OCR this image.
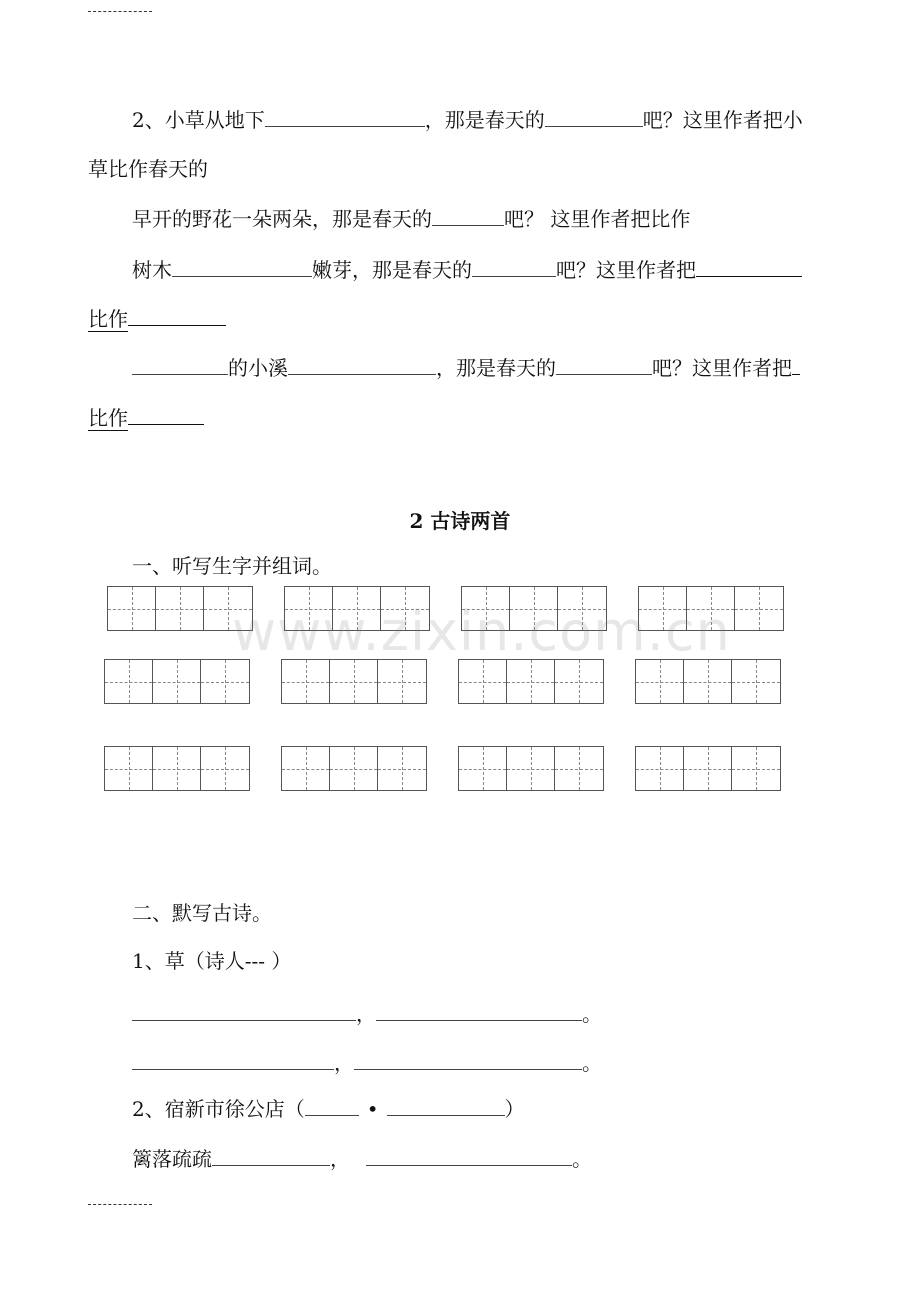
2、小草从地下	，那是春天的	吧？这里作者把小
草比作春天的
早开的野花一朵两朵，那是春天的	吧？ 这里作者把比作
树木	嫩芽，那是春天的	吧？这里作者把
比作
的小溪	，那是春天的	吧？这里作者把
比作
2 古诗两首
一、听写生字并组词。
www.zixin.com.cn
二、默写古诗。
1、草（诗人--- ）
，	。
，	。
2、宿新市徐公店（	•	）
篱落疏疏	，	。
